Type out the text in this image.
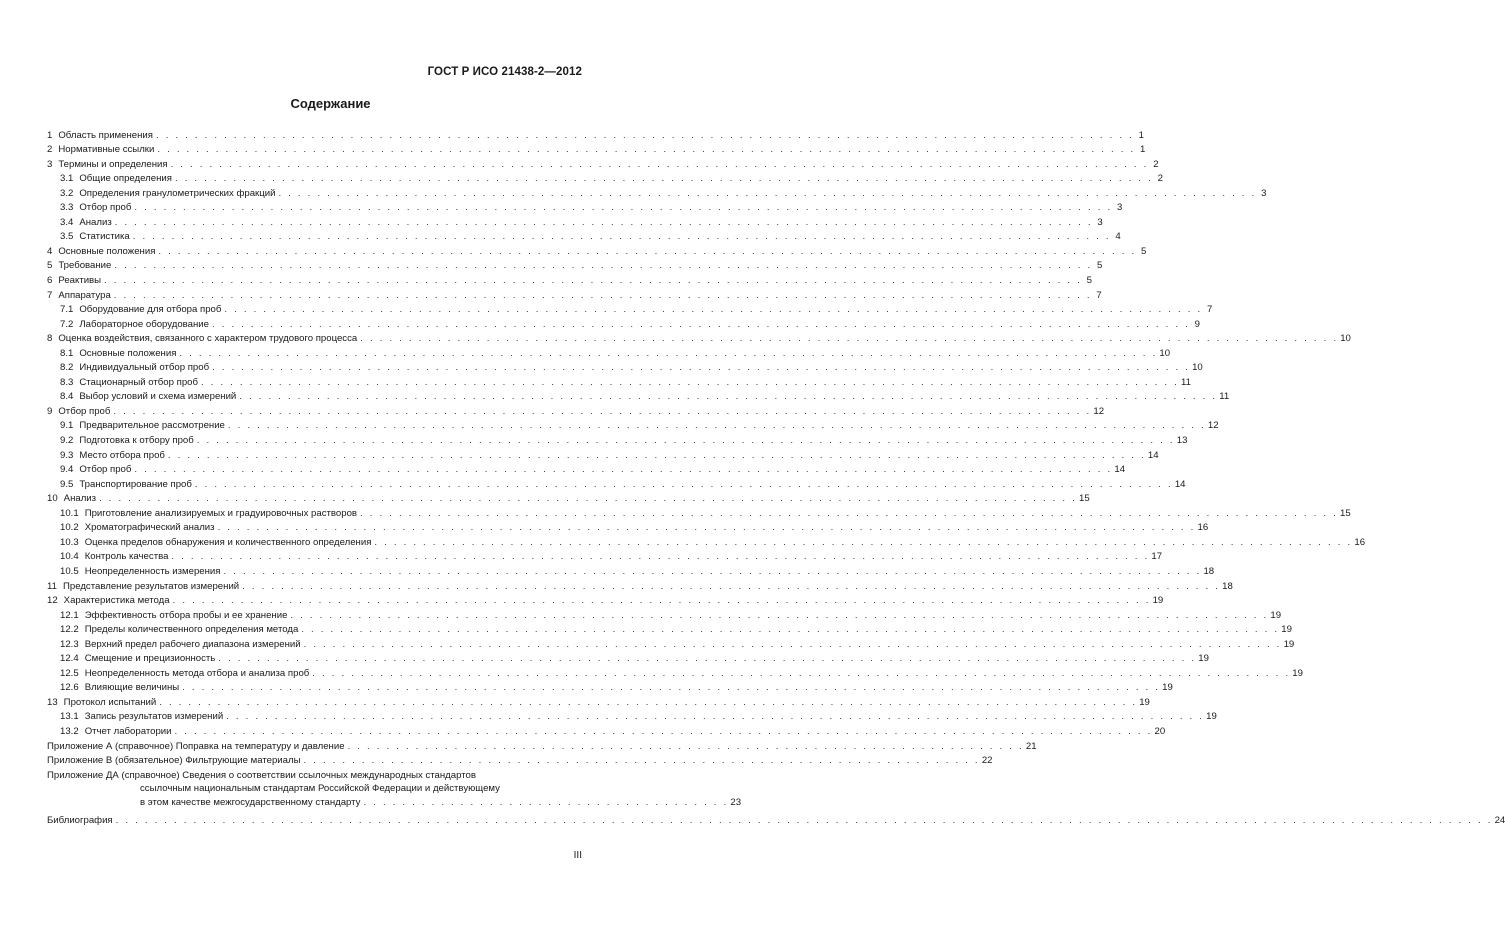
ГОСТ Р ИСО 21438-2—2012
Содержание
1 Область применения . . .	1
2 Нормативные ссылки . . .	1
3 Термины и определения . . .	2
3.1 Общие определения . . .	2
3.2 Определения гранулометрических фракций . . .	3
3.3 Отбор проб . . .	3
3.4 Анализ . . .	3
3.5 Статистика . . .	4
4 Основные положения . . .	5
5 Требование . . .	5
6 Реактивы . . .	5
7 Аппаратура . . .	7
7.1 Оборудование для отбора проб . . .	7
7.2 Лабораторное оборудование . . .	9
8 Оценка воздействия, связанного с характером трудового процесса . . .	10
8.1 Основные положения . . .	10
8.2 Индивидуальный отбор проб . . .	10
8.3 Стационарный отбор проб . . .	11
8.4 Выбор условий и схема измерений . . .	11
9 Отбор проб . . .	12
9.1 Предварительное рассмотрение . . .	12
9.2 Подготовка к отбору проб . . .	13
9.3 Место отбора проб . . .	14
9.4 Отбор проб . . .	14
9.5 Транспортирование проб . . .	14
10 Анализ . . .	15
10.1 Приготовление анализируемых и градуировочных растворов . . .	15
10.2 Хроматографический анализ . . .	16
10.3 Оценка пределов обнаружения и количественного определения . . .	16
10.4 Контроль качества . . .	17
10.5 Неопределенность измерения . . .	18
11 Представление результатов измерений . . .	18
12 Характеристика метода . . .	19
12.1 Эффективность отбора пробы и ее хранение . . .	19
12.2 Пределы количественного определения метода . . .	19
12.3 Верхний предел рабочего диапазона измерений . . .	19
12.4 Смещение и прецизионность . . .	19
12.5 Неопределенность метода отбора и анализа проб . . .	19
12.6 Влияющие величины . . .	19
13 Протокол испытаний . . .	19
13.1 Запись результатов измерений . . .	19
13.2 Отчет лаборатории . . .	20
Приложение А (справочное) Поправка на температуру и давление . . . . . . . . . . . . . . . . . . . . . . . . . . . . . . . . . . . . . . . . . . . . . . . . . . . . . . . . . . . . . . . . . . . . . . 21
Приложение В (обязательное) Фильтрующие материалы . . . . . . . . . . . . . . . . . . . . . . . . . . . . . . . . . . . . . . . . . . . . . . . . . . . . . . . . . . . . . . . . . . . . . . 22
Приложение ДА (справочное) Сведения о соответствии ссылочных международных стандартов
ссылочным национальным стандартам Российской Федерации и действующему
в этом качестве межгосударственному стандарту . . . . . . . . . . . . . . . . . . . . . . . . . . . . . . . . . . . . . . 23
Библиография . . . . . . . . . . . . . . . . . . . . . . . . . . . . . . . . . . . . . . . . . . . . . . . . . . . . . . . . . . . . . . . . . . . . . . . . . . . . . . . . . . . . . . . . . . . . . . . . . . . . . . . . . . . . . . . . . . . . . . . . . . . . . . . . . . . . . . . . . . . . . . 24
III
